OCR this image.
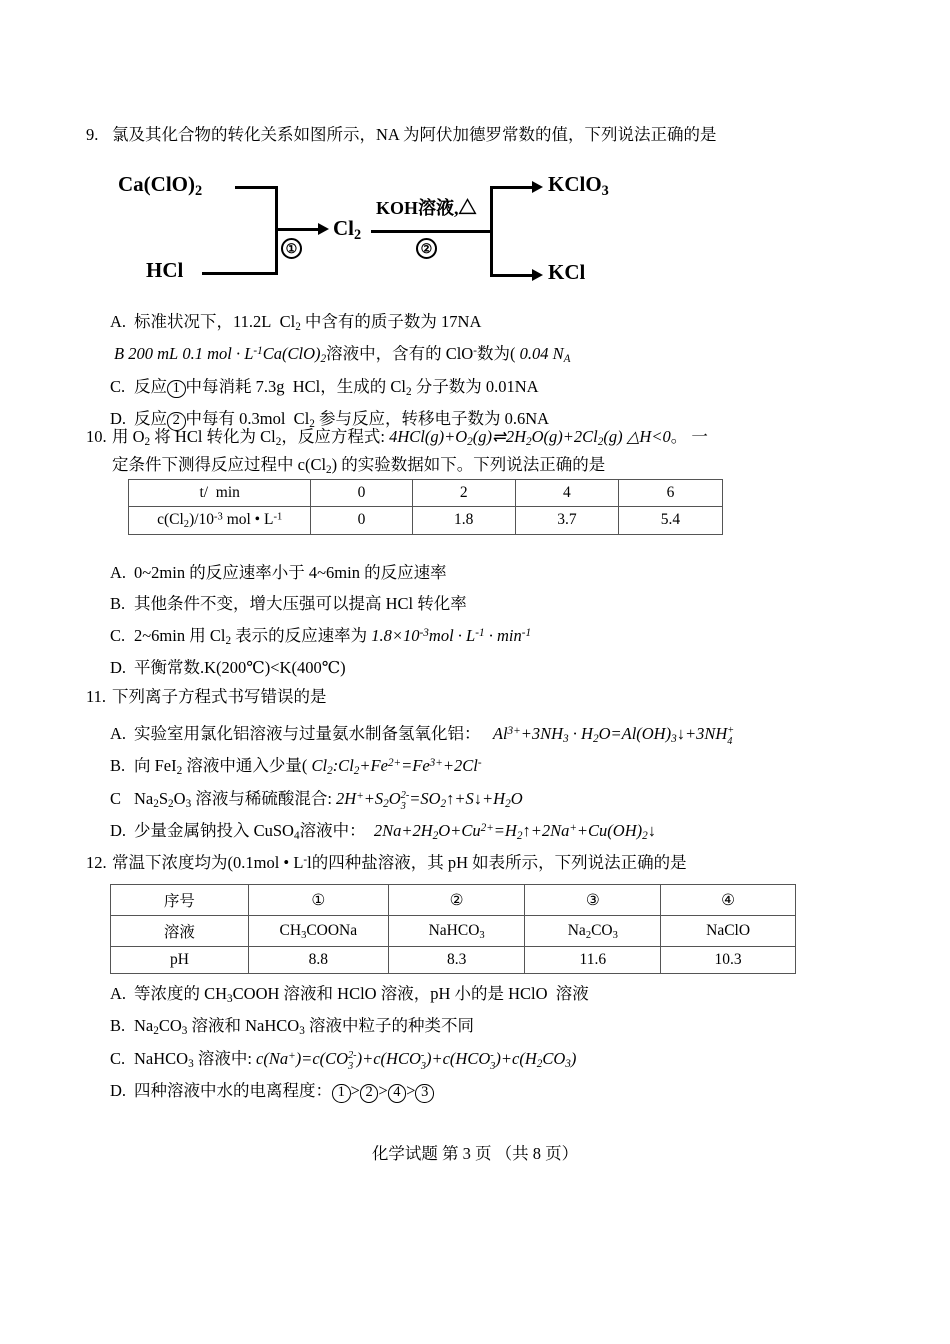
9. 氯及其化合物的转化关系如图所示，NA 为阿伏加德罗常数的值，下列说法正确的是
$Ca(ClO)_2$
HCl
①
$Cl_2$
KOH溶液,△
②
KClO$_3$
KCl
A. 标准状况下，11.2L  $Cl_2$ 中含有的质子数为 17NA
B 200 mL 0.1 mol · $L^{-1}Ca(ClO)_2$溶液中，含有的 ClO-数为( 0.04 $N_A$
C. 反应 1 中每消耗 7.3g  HCl，生成的 $Cl_2$ 分子数为 0.01NA
D. 反应 2 中每有 0.3mol  $Cl_2$ 参与反应，转移电子数为 0.6NA
10. 用 $O_2$ 将 HCl 转化为 $Cl_2$，反应方程式: $4HCl(g)+O_2(g)\rightleftharpoons 2H_2O(g)+2Cl_2(g)$ △H<0。 一
定条件下测得反应过程中 $c(Cl_2)$ 的实验数据如下。下列说法正确的是
t/  min	0	2	4	6
$c(Cl_2)/10^{-3}$ mol • $L^{-1}$	0	1.8	3.7	5.4
A. 0~2min 的反应速率小于 4~6min 的反应速率
B. 其他条件不变，增大压强可以提高 HCl 转化率
C. 2~6min 用 $Cl_2$ 表示的反应速率为 $1.8\times 10^{-3}mol \cdot L^{-1} \cdot \min^{-1}$
D. 平衡常数.K(200℃)<K(400℃)
11. 下列离子方程式书写错误的是
A. 实验室用氯化铝溶液与过量氨水制备氢氧化铝：   $Al^{3+}+3NH_3$ · $H_2O=Al(OH)_3↓+3NH+$
4
B. 向 FeI$_2$ 溶液中通入少量( $Cl_2:Cl_2+Fe^{2+}=Fe^{3+}+2Cl^-$
C $Na_2S_2O_3$ 溶液与稀硫酸混合: $2H^++S_2O2-$
$3 =SO_2↑+S↓+H_2O$
D. 少量金属钠投入 CuSO$_4$溶液中：  $2Na+2H_2O+Cu^{2+}=H_2↑+2Na^++Cu(OH)_2↓$
12. 常温下浓度均为(0.1mol • L-l的四种盐溶液，其 pH 如表所示，下列说法正确的是
序号	①	②	③	④
溶液	$CH_3COONa$	NaHCO$_3$	$Na_2CO_3$	NaClO
pH	8.8	8.3	11.6	10.3
A. 等浓度的 $CH_3COOH$ 溶液和 HClO 溶液，pH 小的是 HClO  溶液
B. $Na_2CO_3$ 溶液和 NaHCO$_3$ 溶液中粒子的种类不同
C. NaHCO$_3$ 溶液中: c(Na+)=c(CO2-
3 )+c(HCO-
3)+c(HCO-
$3)+c(H_2CO_3)$
D. 四种溶液中水的电离程度： 1 > 2 > 4 > 3
化学试题 第 3 页 （共 8 页）
